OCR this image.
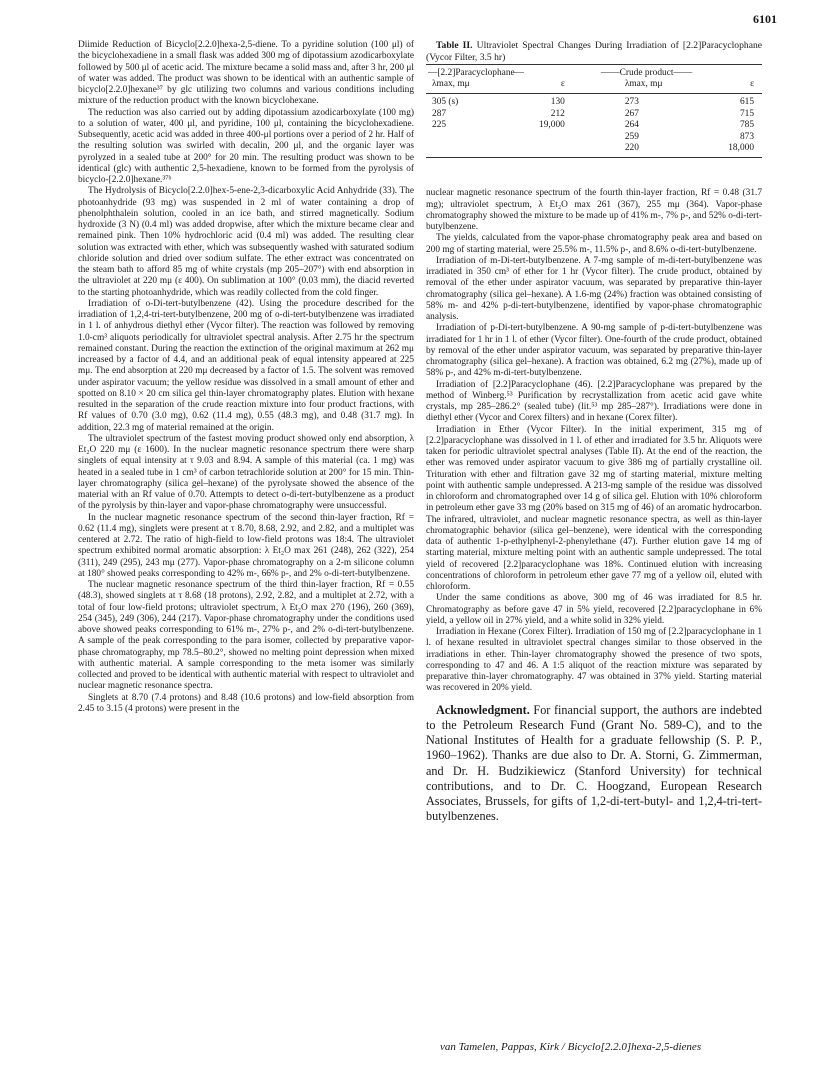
6101

Diimide Reduction of Bicyclo[2.2.0]hexa-2,5-diene. To a pyridine solution (100 μl) of the bicyclohexadiene in a small flask was added 300 mg of dipotassium azodicarboxylate followed by 500 μl of acetic acid. The mixture became a solid mass and, after 3 hr, 200 μl of water was added. The product was shown to be identical with an authentic sample of bicyclo[2.2.0]hexane³⁷ by glc utilizing two columns and various conditions including mixture of the reduction product with the known bicyclohexane.

The reduction was also carried out by adding dipotassium azodicarboxylate (100 mg) to a solution of water, 400 μl, and pyridine, 100 μl, containing the bicyclohexadiene. Subsequently, acetic acid was added in three 400-μl portions over a period of 2 hr. Half of the resulting solution was swirled with decalin, 200 μl, and the organic layer was pyrolyzed in a sealed tube at 200° for 20 min. The resulting product was shown to be identical (glc) with authentic 2,5-hexadiene, known to be formed from the pyrolysis of bicyclo-[2.2.0]hexane.³⁷ᵇ

The Hydrolysis of Bicyclo[2.2.0]hex-5-ene-2,3-dicarboxylic Acid Anhydride (33). The photoanhydride (93 mg) was suspended in 2 ml of water containing a drop of phenolphthalein solution, cooled in an ice bath, and stirred magnetically. Sodium hydroxide (3 N) (0.4 ml) was added dropwise, after which the mixture became clear and remained pink. Then 10% hydrochloric acid (0.4 ml) was added. The resulting clear solution was extracted with ether, which was subsequently washed with saturated sodium chloride solution and dried over sodium sulfate. The ether extract was concentrated on the steam bath to afford 85 mg of white crystals (mp 205–207°) with end absorption in the ultraviolet at 220 mμ (ε 400). On sublimation at 100° (0.03 mm), the diacid reverted to the starting photoanhydride, which was readily collected from the cold finger.

Irradiation of o-Di-tert-butylbenzene (42). Using the procedure described for the irradiation of 1,2,4-tri-tert-butylbenzene, 200 mg of o-di-tert-butylbenzene was irradiated in 1 l. of anhydrous diethyl ether (Vycor filter). The reaction was followed by removing 1.0-cm³ aliquots periodically for ultraviolet spectral analysis. After 2.75 hr the spectrum remained constant. During the reaction the extinction of the original maximum at 262 mμ increased by a factor of 4.4, and an additional peak of equal intensity appeared at 225 mμ. The end absorption at 220 mμ decreased by a factor of 1.5. The solvent was removed under aspirator vacuum; the yellow residue was dissolved in a small amount of ether and spotted on 8.10 × 20 cm silica gel thin-layer chromatography plates. Elution with hexane resulted in the separation of the crude reaction mixture into four product fractions, with Rf values of 0.70 (3.0 mg), 0.62 (11.4 mg), 0.55 (48.3 mg), and 0.48 (31.7 mg). In addition, 22.3 mg of material remained at the origin.

The ultraviolet spectrum of the fastest moving product showed only end absorption, λ Et₂O 220 mμ (ε 1600). In the nuclear magnetic resonance spectrum there were sharp singlets of equal intensity at τ 9.03 and 8.94. A sample of this material (ca. 1 mg) was heated in a sealed tube in 1 cm³ of carbon tetrachloride solution at 200° for 15 min. Thin-layer chromatography (silica gel–hexane) of the pyrolysate showed the absence of the material with an Rf value of 0.70. Attempts to detect o-di-tert-butylbenzene as a product of the pyrolysis by thin-layer and vapor-phase chromatography were unsuccessful.

In the nuclear magnetic resonance spectrum of the second thin-layer fraction, Rf = 0.62 (11.4 mg), singlets were present at τ 8.70, 8.68, 2.92, and 2.82, and a multiplet was centered at 2.72. The ratio of high-field to low-field protons was 18:4. The ultraviolet spectrum exhibited normal aromatic absorption: λ Et₂O max 261 (248), 262 (322), 254 (311), 249 (295), 243 mμ (277). Vapor-phase chromatography on a 2-m silicone column at 180° showed peaks corresponding to 42% m-, 66% p-, and 2% o-di-tert-butylbenzene.

The nuclear magnetic resonance spectrum of the third thin-layer fraction, Rf = 0.55 (48.3), showed singlets at τ 8.68 (18 protons), 2.92, 2.82, and a multiplet at 2.72, with a total of four low-field protons; ultraviolet spectrum, λ Et₂O max 270 (196), 260 (369), 254 (345), 249 (306), 244 (217). Vapor-phase chromatography under the conditions used above showed peaks corresponding to 61% m-, 27% p-, and 2% o-di-tert-butylbenzene. A sample of the peak corresponding to the para isomer, collected by preparative vapor-phase chromatography, mp 78.5–80.2°, showed no melting point depression when mixed with authentic material. A sample corresponding to the meta isomer was similarly collected and proved to be identical with authentic material with respect to ultraviolet and nuclear magnetic resonance spectra.

Singlets at 8.70 (7.4 protons) and 8.48 (10.6 protons) and low-field absorption from 2.45 to 3.15 (4 protons) were present in the

Table II. Ultraviolet Spectral Changes During Irradiation of [2.2]Paracyclophane (Vycor Filter, 3.5 hr)

—[2.2]Paracyclophane—		——Crude product——	
λmax, mμ	ε	λmax, mμ	ε
305 (s)	130	273	615
287	212	267	715
225	19,000	264	785
		259	873
		220	18,000

nuclear magnetic resonance spectrum of the fourth thin-layer fraction, Rf = 0.48 (31.7 mg); ultraviolet spectrum, λ Et₂O max 261 (367), 255 mμ (364). Vapor-phase chromatography showed the mixture to be made up of 41% m-, 7% p-, and 52% o-di-tert-butylbenzene.

The yields, calculated from the vapor-phase chromatography peak area and based on 200 mg of starting material, were 25.5% m-, 11.5% p-, and 8.6% o-di-tert-butylbenzene.

Irradiation of m-Di-tert-butylbenzene. A 7-mg sample of m-di-tert-butylbenzene was irradiated in 350 cm³ of ether for 1 hr (Vycor filter). The crude product, obtained by removal of the ether under aspirator vacuum, was separated by preparative thin-layer chromatography (silica gel–hexane). A 1.6-mg (24%) fraction was obtained consisting of 58% m- and 42% p-di-tert-butylbenzene, identified by vapor-phase chromatographic analysis.

Irradiation of p-Di-tert-butylbenzene. A 90-mg sample of p-di-tert-butylbenzene was irradiated for 1 hr in 1 l. of ether (Vycor filter). One-fourth of the crude product, obtained by removal of the ether under aspirator vacuum, was separated by preparative thin-layer chromatography (silica gel–hexane). A fraction was obtained, 6.2 mg (27%), made up of 58% p-, and 42% m-di-tert-butylbenzene.

Irradiation of [2.2]Paracyclophane (46). [2.2]Paracyclophane was prepared by the method of Winberg.⁵³ Purification by recrystallization from acetic acid gave white crystals, mp 285–286.2° (sealed tube) (lit.⁵³ mp 285–287°). Irradiations were done in diethyl ether (Vycor and Corex filters) and in hexane (Corex filter).

Irradiation in Ether (Vycor Filter). In the initial experiment, 315 mg of [2.2]paracyclophane was dissolved in 1 l. of ether and irradiated for 3.5 hr. Aliquots were taken for periodic ultraviolet spectral analyses (Table II). At the end of the reaction, the ether was removed under aspirator vacuum to give 386 mg of partially crystalline oil. Trituration with ether and filtration gave 32 mg of starting material, mixture melting point with authentic sample undepressed. A 213-mg sample of the residue was dissolved in chloroform and chromatographed over 14 g of silica gel. Elution with 10% chloroform in petroleum ether gave 33 mg (20% based on 315 mg of 46) of an aromatic hydrocarbon. The infrared, ultraviolet, and nuclear magnetic resonance spectra, as well as thin-layer chromatographic behavior (silica gel–benzene), were identical with the corresponding data of authentic 1-p-ethylphenyl-2-phenylethane (47). Further elution gave 14 mg of starting material, mixture melting point with an authentic sample undepressed. The total yield of recovered [2.2]paracyclophane was 18%. Continued elution with increasing concentrations of chloroform in petroleum ether gave 77 mg of a yellow oil, eluted with chloroform.

Under the same conditions as above, 300 mg of 46 was irradiated for 8.5 hr. Chromatography as before gave 47 in 5% yield, recovered [2.2]paracyclophane in 6% yield, a yellow oil in 27% yield, and a white solid in 32% yield.

Irradiation in Hexane (Corex Filter). Irradiation of 150 mg of [2.2]paracyclophane in 1 l. of hexane resulted in ultraviolet spectral changes similar to those observed in the irradiations in ether. Thin-layer chromatography showed the presence of two spots, corresponding to 47 and 46. A 1:5 aliquot of the reaction mixture was separated by preparative thin-layer chromatography. 47 was obtained in 37% yield. Starting material was recovered in 20% yield.

Acknowledgment. For financial support, the authors are indebted to the Petroleum Research Fund (Grant No. 589-C), and to the National Institutes of Health for a graduate fellowship (S. P. P., 1960–1962). Thanks are due also to Dr. A. Storni, G. Zimmerman, and Dr. H. Budzikiewicz (Stanford University) for technical contributions, and to Dr. C. Hoogzand, European Research Associates, Brussels, for gifts of 1,2-di-tert-butyl- and 1,2,4-tri-tert-butylbenzenes.

van Tamelen, Pappas, Kirk / Bicyclo[2.2.0]hexa-2,5-dienes
